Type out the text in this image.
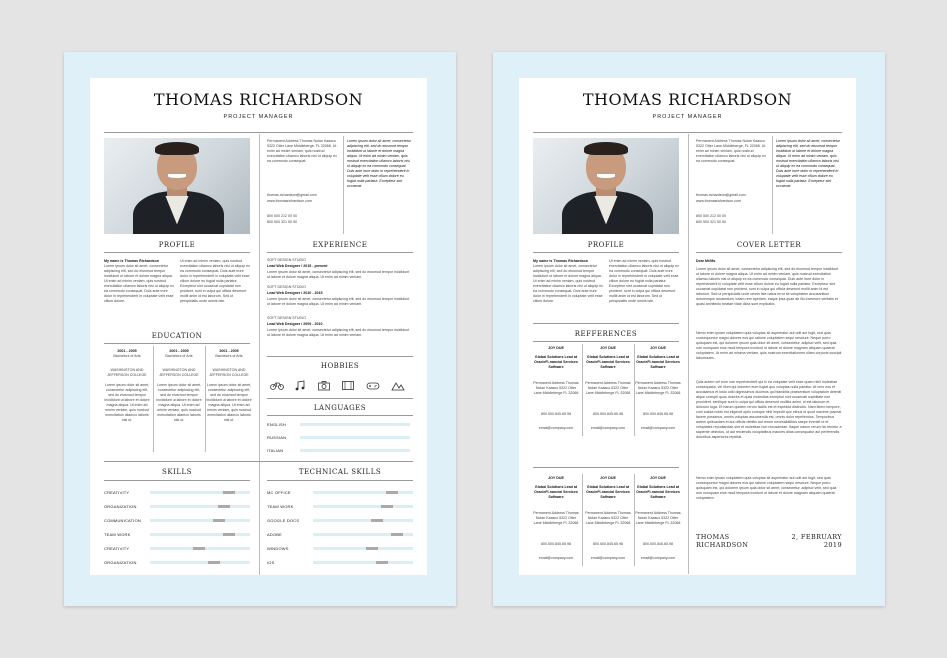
THOMAS RICHARDSON
PROJECT MANAGER
Permanent Address Thomas Nolan Kaasco 5322 Otter Lane Middleberge, FL 32068. Ut enim ad minim veniam, quis nostrud exercitation ullamco laboris nisi ut aliquip ex ea commodo consequat.
thomas.richardson@gmail.com
www.thomasrichardson.com
800 500 212 00 00
800 500 321 50 50
Lorem ipsum dolor sit amet, consectetur adipiscing elit, sed do eiusmod tempor incididunt ut labore et dolore magna aliqua. Ut enim ad minim veniam, quis nostrud exercitation ullamco laboris nisi ut aliquip ex ea commodo consequat. Duis aute irure dolor in reprehenderit in voluptate velit esse cillum dolore eu fugiat nulla pariatur. Excepteur sint occaecat
PROFILE
My name is Thomas Richardson
Lorem ipsum dolor sit amet, consectetur adipiscing elit, sed do eiusmod tempor incididunt ut labore et dolore magna aliqua. Ut enim ad minim veniam, quis nostrud exercitation ullamco laboris nisi ut aliquip ex ea commodo consequat. Duis aute irure dolor in reprehenderit in voluptate velit esse cillum dolore.
Ut enim ad minim veniam, quis nostrud exercitation ullamco laboris nisi ut aliquip ex ea commodo consequat. Duis aute irure dolor in reprehenderit in voluptate velit esse cillum dolore eu fugiat nulla pariatur. Excepteur sint occaecat cupidatat non proident, sunt in culpa qui officia deserunt mollit anim id est laborum. Sed ut perspiciatis unde omnis iste.
EXPERIENCE
SOFT DESIGN STUDIO
Lead Web Designer / 2015 - present
Lorem ipsum dolor sit amet, consectetur adipiscing elit, sed do eiusmod tempor incididunt ut labore et dolore magna aliqua. Ut enim ad minim veniam.
SOFT DESIGN STUDIO
Lead Web Designer / 2010 - 2015
Lorem ipsum dolor sit amet, consectetur adipiscing elit, sed do eiusmod tempor incididunt ut labore et dolore magna aliqua. Ut enim ad minim veniam.
SOFT DESIGN STUDIO
Lead Web Designer / 2009 - 2010
Lorem ipsum dolor sit amet, consectetur adipiscing elit, sed do eiusmod tempor incididunt ut labore et dolore magna aliqua. Ut enim ad minim veniam.
EDUCATION
2001 - 2005
Bachelors of Arts
WASHINGTON AND JEFFERSON COLLEGE
Lorem ipsum dolor sit amet, consectetur adipiscing elit, sed do eiusmod tempor incididunt ut labore et dolore magna aliqua. Ut enim ad minim veniam, quis nostrud exercitation ullamco laboris nisi ut.
2001 - 2005
Bachelors of Arts
WASHINGTON AND JEFFERSON COLLEGE
Lorem ipsum dolor sit amet, consectetur adipiscing elit, sed do eiusmod tempor incididunt ut labore et dolore magna aliqua. Ut enim ad minim veniam, quis nostrud exercitation ullamco laboris nisi ut.
2001 - 2005
Bachelors of Arts
WASHINGTON AND JEFFERSON COLLEGE
Lorem ipsum dolor sit amet, consectetur adipiscing elit, sed do eiusmod tempor incididunt ut labore et dolore magna aliqua. Ut enim ad minim veniam, quis nostrud exercitation ullamco laboris nisi ut.
HOBBIES
LANGUAGES
SKILLS	TECHNICAL SKILLS
CREATIVITY
ORGANIZATION
COMMUNICATION
TEAM WORK
CREATIVITY
ORGANIZATION
MC OFFICE
TEAM WORK
GOOGLE DOCS
ADOBE
WINDOWS
IOS
ENGLISH
RUSSIAN
ITALIAN
THOMAS RICHARDSON
PROJECT MANAGER
Permanent Address Thomas Nolan Kaasco 5322 Otter Lane Middleberge, FL 32068. Ut enim ad minim veniam, quis nostrud exercitation ullamco laboris nisi ut aliquip ex ea commodo consequat.
thomas.richardson@gmail.com
www.thomasrichardson.com
800 500 212 00 00
800 500 321 50 50
Lorem ipsum dolor sit amet, consectetur adipiscing elit, sed do eiusmod tempor incididunt ut labore et dolore magna aliqua. Ut enim ad minim veniam, quis nostrud exercitation ullamco laboris nisi ut aliquip ex ea commodo consequat. Duis aute irure dolor in reprehenderit in voluptate velit esse cillum dolore eu fugiat nulla pariatur. Excepteur sint occaecat
PROFILE
My name is Thomas Richardson
Lorem ipsum dolor sit amet, consectetur adipiscing elit, sed do eiusmod tempor incididunt ut labore et dolore magna aliqua. Ut enim ad minim veniam, quis nostrud exercitation ullamco laboris nisi ut aliquip ex ea commodo consequat. Duis aute irure dolor in reprehenderit in voluptate velit esse cillum dolore.
Ut enim ad minim veniam, quis nostrud exercitation ullamco laboris nisi ut aliquip ex ea commodo consequat. Duis aute irure dolor in reprehenderit in voluptate velit esse cillum dolore eu fugiat nulla pariatur. Excepteur sint occaecat cupidatat non proident, sunt in culpa qui officia deserunt mollit anim id est laborum. Sed ut perspiciatis unde omnis iste.
REFFERENCES
COVER LETTER
Dear Mr/Ms
Lorem ipsum dolor sit amet, consectetur adipiscing elit, sed do eiusmod tempor incididunt ut labore et dolore magna aliqua. Ut enim ad minim veniam, quis nostrud exercitation ullamco laboris nisi ut aliquip ex ea commodo consequat. Duis aute irure dolor in reprehenderit in voluptate velit esse cillum dolore eu fugiat nulla pariatur. Excepteur sint occaecat cupidatat non proident, sunt in culpa qui officia deserunt mollit anim id est laborum. Sed ut perspiciatis unde omnis iste natus error sit voluptatem accusantium doloremque laudantium, totam rem aperiam, eaque ipsa quae ab illo inventore veritatis et quasi architecto beatae vitae dicta sunt explicabo.
Nemo enim ipsam voluptatem quia voluptas sit aspernatur aut odit aut fugit, sed quia consequuntur magni dolores eos qui ratione voluptatem sequi nesciunt. Neque porro quisquam est, qui dolorem ipsum quia dolor sit amet, consectetur, adipisci velit, sed quia non numquam eius modi tempora incidunt ut labore et dolore magnam aliquam quaerat voluptatem. Ut enim ad minima veniam, quis nostrum exercitationem ullam corporis suscipit laboriosam.
Quis autem vel eum iure reprehenderit qui in ea voluptate velit esse quam nihil molestiae consequatur, vel illum qui dolorem eum fugiat quo voluptas nulla pariatur. At vero eos et accusamus et iusto odio dignissimos ducimus qui blanditiis praesentium voluptatum deleniti atque corrupti quos dolores et quas molestias excepturi sint occaecati cupiditate non provident, similique sunt in culpa qui officia deserunt mollitia animi, id est laborum et dolorum fuga. Et harum quidem rerum facilis est et expedita distinctio. Nam libero tempore, cum soluta nobis est eligendi optio cumque nihil impedit quo minus id quod maxime placeat facere possimus, omnis voluptas assumenda est, omnis dolor repellendus. Temporibus autem quibusdam et aut officiis debitis aut rerum necessitatibus saepe eveniet ut et voluptates repudiandae sint et molestiae non recusandae. Itaque earum rerum hic tenetur a sapiente delectus, ut aut reiciendis voluptatibus maiores alias consequatur aut perferendis doloribus asperiores repellat.
Nemo enim ipsam voluptatem quia voluptas sit aspernatur aut odit aut fugit, sed quia consequuntur magni dolores eos qui ratione voluptatem sequi nesciunt. Neque porro quisquam est, qui dolorem ipsum quia dolor sit amet, consectetur, adipisci velit, sed quia non numquam eius modi tempora incidunt ut labore et dolore magnam aliquam quaerat voluptatem.
THOMAS RICHARDSON
2, FEBRUARY 2019
JOY DUE
Global Solutions Lead at OracleFi-nancial Services Software
Permanent Address Thomas Nolan Kaasco 5322 Otter Lane Middleberge FL 32068
800.500.845.65.98
email@company.com
JOY DUE
Global Solutions Lead at OracleFi-nancial Services Software
Permanent Address Thomas Nolan Kaasco 5322 Otter Lane Middleberge FL 32068
800.500.845.65.98
email@company.com
JOY DUE
Global Solutions Lead at OracleFi-nancial Services Software
Permanent Address Thomas Nolan Kaasco 5322 Otter Lane Middleberge FL 32068
800.500.845.65.98
email@company.com
JOY DUE
Global Solutions Lead at OracleFi-nancial Services Software
Permanent Address Thomas Nolan Kaasco 5322 Otter Lane Middleberge FL 32068
800.500.845.65.98
email@company.com
JOY DUE
Global Solutions Lead at OracleFi-nancial Services Software
Permanent Address Thomas Nolan Kaasco 5322 Otter Lane Middleberge FL 32068
800.500.845.65.98
email@company.com
JOY DUE
Global Solutions Lead at OracleFi-nancial Services Software
Permanent Address Thomas Nolan Kaasco 5322 Otter Lane Middleberge FL 32068
800.500.845.65.98
email@company.com
